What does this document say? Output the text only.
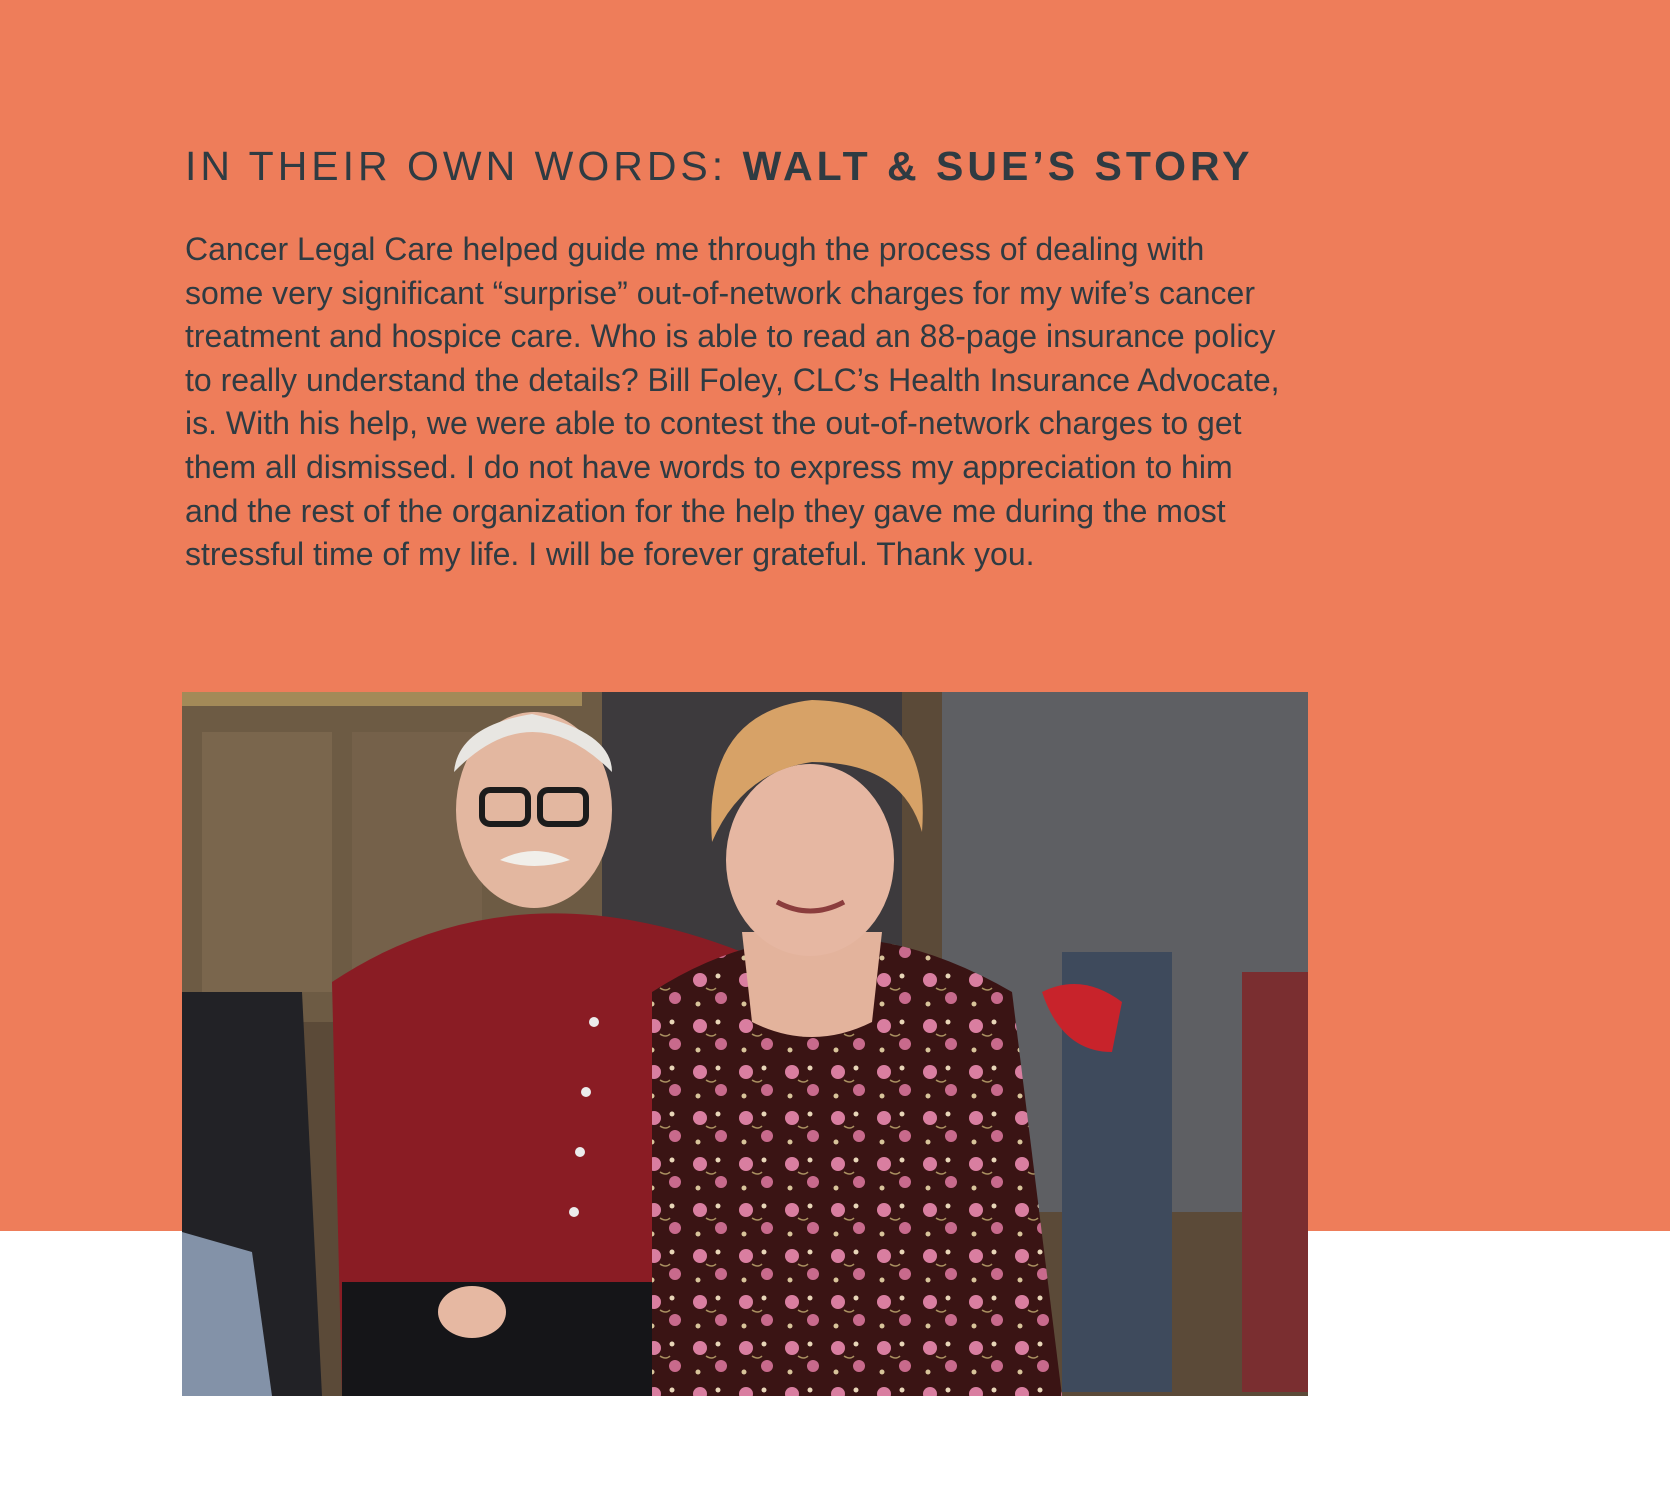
IN THEIR OWN WORDS: WALT & SUE’S STORY

Cancer Legal Care helped guide me through the process of dealing with
some very significant “surprise” out-of-network charges for my wife’s cancer
treatment and hospice care. Who is able to read an 88-page insurance policy
to really understand the details? Bill Foley, CLC’s Health Insurance Advocate,
is. With his help, we were able to contest the out-of-network charges to get
them all dismissed. I do not have words to express my appreciation to him
and the rest of the organization for the help they gave me during the most
stressful time of my life. I will be forever grateful. Thank you.
